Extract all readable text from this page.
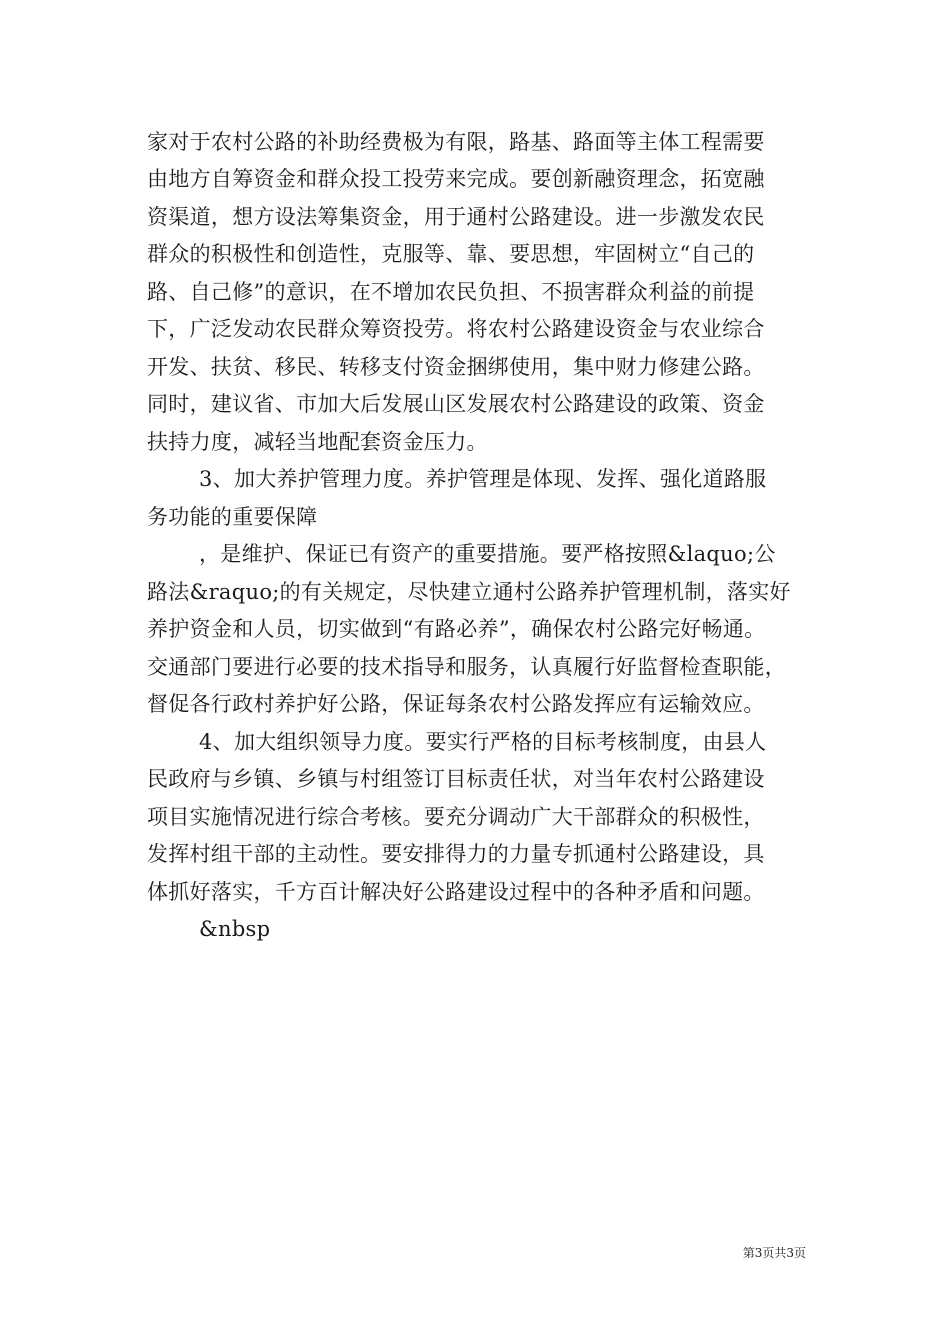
家对于农村公路的补助经费极为有限，路基、路面等主体工程需要
由地方自筹资金和群众投工投劳来完成。要创新融资理念，拓宽融
资渠道，想方设法筹集资金，用于通村公路建设。进一步激发农民
群众的积极性和创造性，克服等、靠、要思想，牢固树立“自己的
路、自己修”的意识，在不增加农民负担、不损害群众利益的前提
下，广泛发动农民群众筹资投劳。将农村公路建设资金与农业综合
开发、扶贫、移民、转移支付资金捆绑使用，集中财力修建公路。
同时，建议省、市加大后发展山区发展农村公路建设的政策、资金
扶持力度，减轻当地配套资金压力。
3、加大养护管理力度。养护管理是体现、发挥、强化道路服
务功能的重要保障
，是维护、保证已有资产的重要措施。要严格按照&laquo;公
路法&raquo;的有关规定，尽快建立通村公路养护管理机制，落实好
养护资金和人员，切实做到“有路必养”，确保农村公路完好畅通。
交通部门要进行必要的技术指导和服务，认真履行好监督检查职能，
督促各行政村养护好公路，保证每条农村公路发挥应有运输效应。
4、加大组织领导力度。要实行严格的目标考核制度，由县人
民政府与乡镇、乡镇与村组签订目标责任状，对当年农村公路建设
项目实施情况进行综合考核。要充分调动广大干部群众的积极性，
发挥村组干部的主动性。要安排得力的力量专抓通村公路建设，具
体抓好落实，千方百计解决好公路建设过程中的各种矛盾和问题。
&nbsp
第3页共3页
